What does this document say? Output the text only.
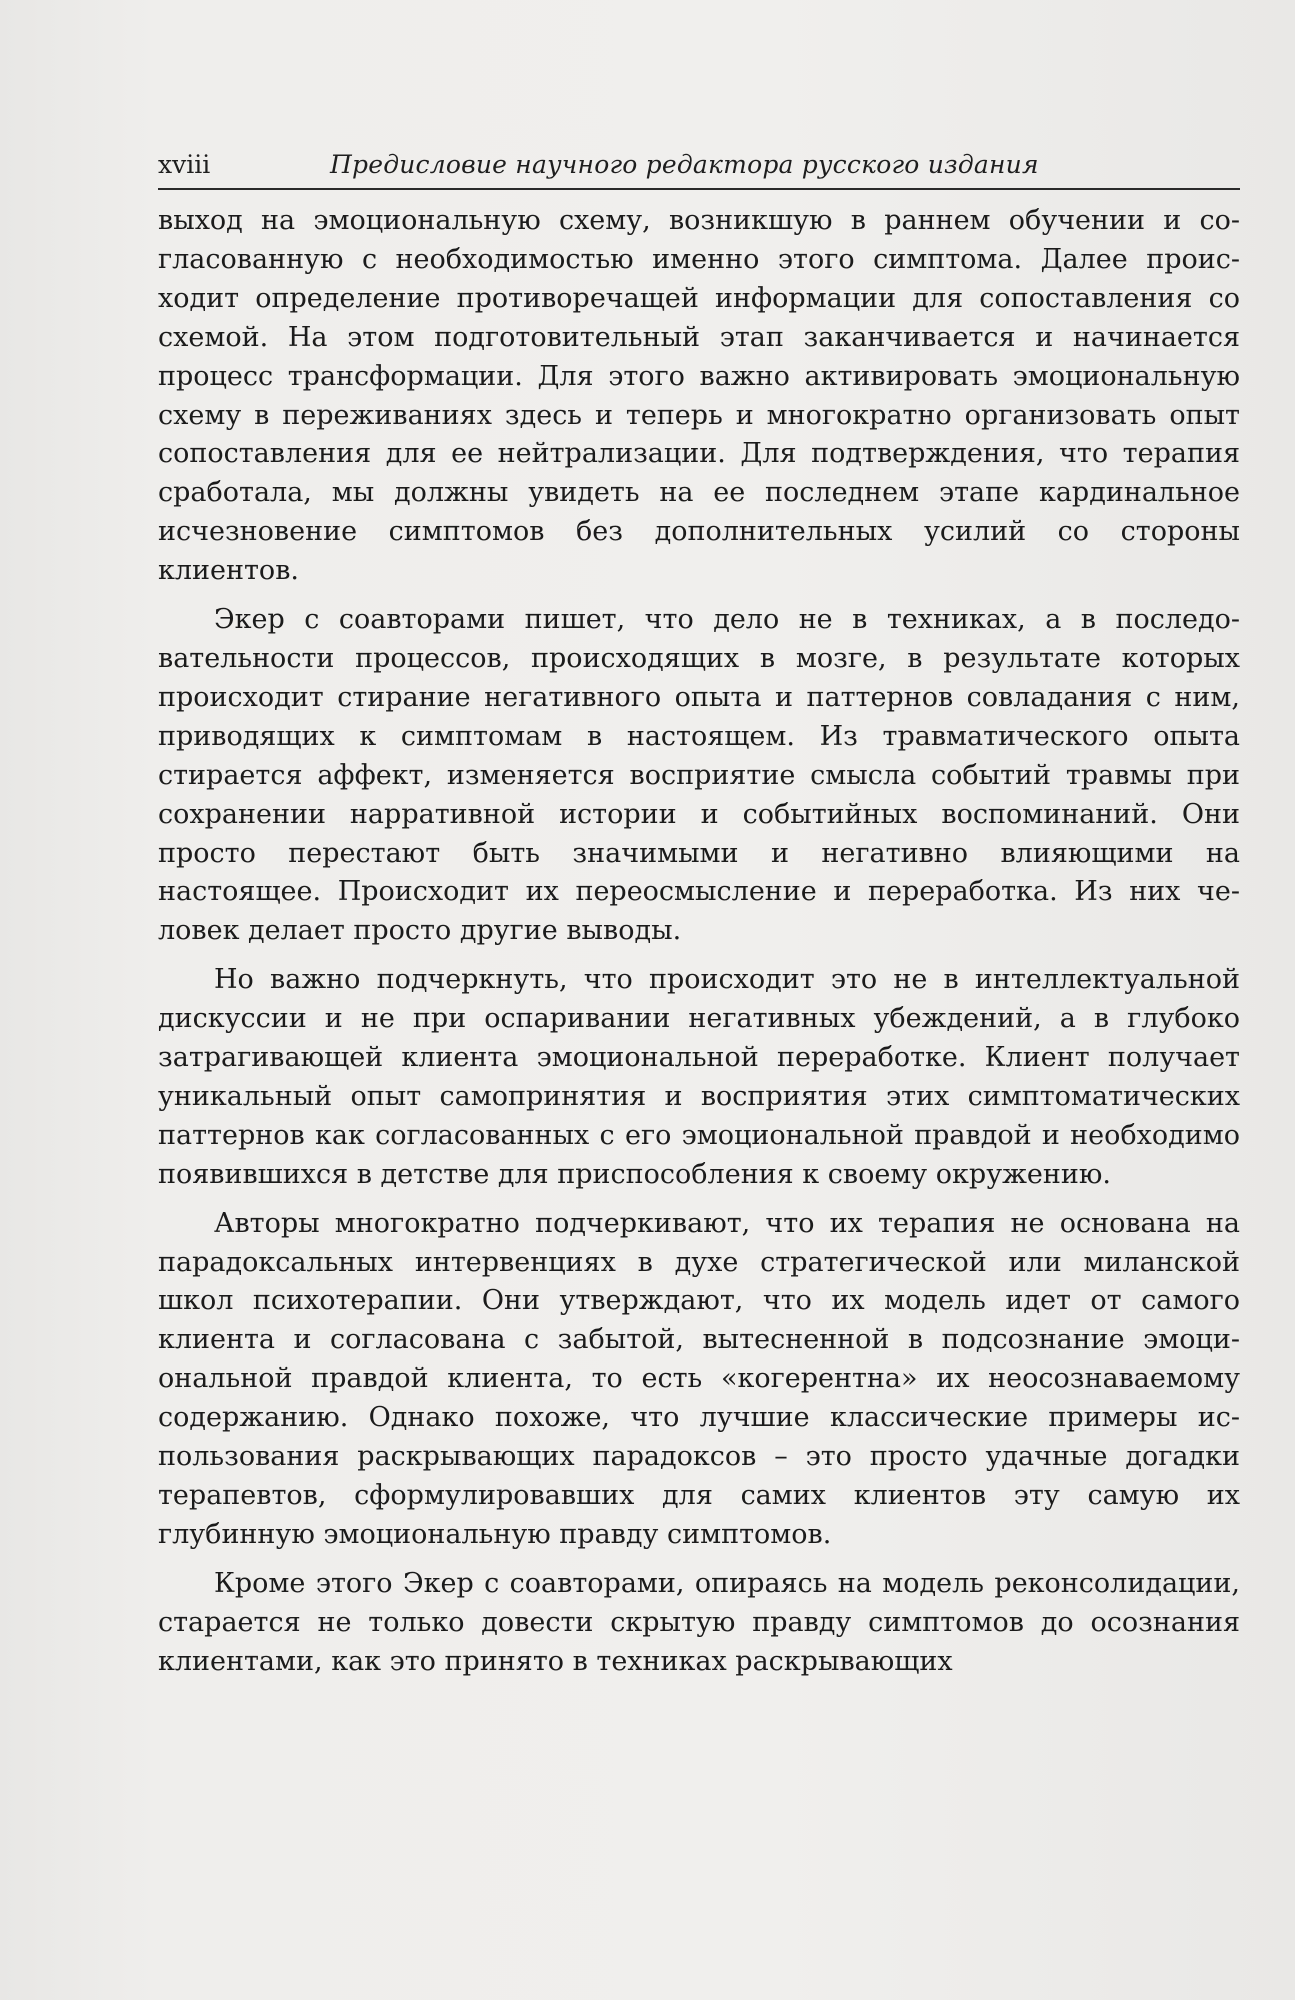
xviii	Предисловие научного редактора русского издания

выход на эмоциональную схему, возникшую в раннем обучении и согласованную с необходимостью именно этого симптома. Далее происходит определение противоречащей информации для сопоставления со схемой. На этом подготовительный этап заканчивается и начинается процесс трансформации. Для этого важно активировать эмоциональную схему в переживаниях здесь и теперь и многократно организовать опыт сопоставления для ее нейтрализации. Для подтверждения, что терапия сработала, мы должны увидеть на ее последнем этапе кардинальное исчезновение симптомов без дополнительных усилий со стороны клиентов.

Экер с соавторами пишет, что дело не в техниках, а в последовательности процессов, происходящих в мозге, в результате которых происходит стирание негативного опыта и паттернов совладания с ним, приводящих к симптомам в настоящем. Из травматического опыта стирается аффект, изменяется восприятие смысла событий травмы при сохранении нарративной истории и событийных воспоминаний. Они просто перестают быть значимыми и негативно влияющими на настоящее. Происходит их переосмысление и переработка. Из них человек делает просто другие выводы.

Но важно подчеркнуть, что происходит это не в интеллектуальной дискуссии и не при оспаривании негативных убеждений, а в глубоко затрагивающей клиента эмоциональной переработке. Клиент получает уникальный опыт самопринятия и восприятия этих симптоматических паттернов как согласованных с его эмоциональной правдой и необходимо появившихся в детстве для приспособления к своему окружению.

Авторы многократно подчеркивают, что их терапия не основана на парадоксальных интервенциях в духе стратегической или миланской школ психотерапии. Они утверждают, что их модель идет от самого клиента и согласована с забытой, вытесненной в подсознание эмоциональной правдой клиента, то есть «когерентна» их неосознаваемому содержанию. Однако похоже, что лучшие классические примеры использования раскрывающих парадоксов – это просто удачные догадки терапевтов, сформулировавших для самих клиентов эту самую их глубинную эмоциональную правду симптомов.

Кроме этого Экер с соавторами, опираясь на модель реконсолидации, старается не только довести скрытую правду симптомов до осознания клиентами, как это принято в техниках раскрывающих
